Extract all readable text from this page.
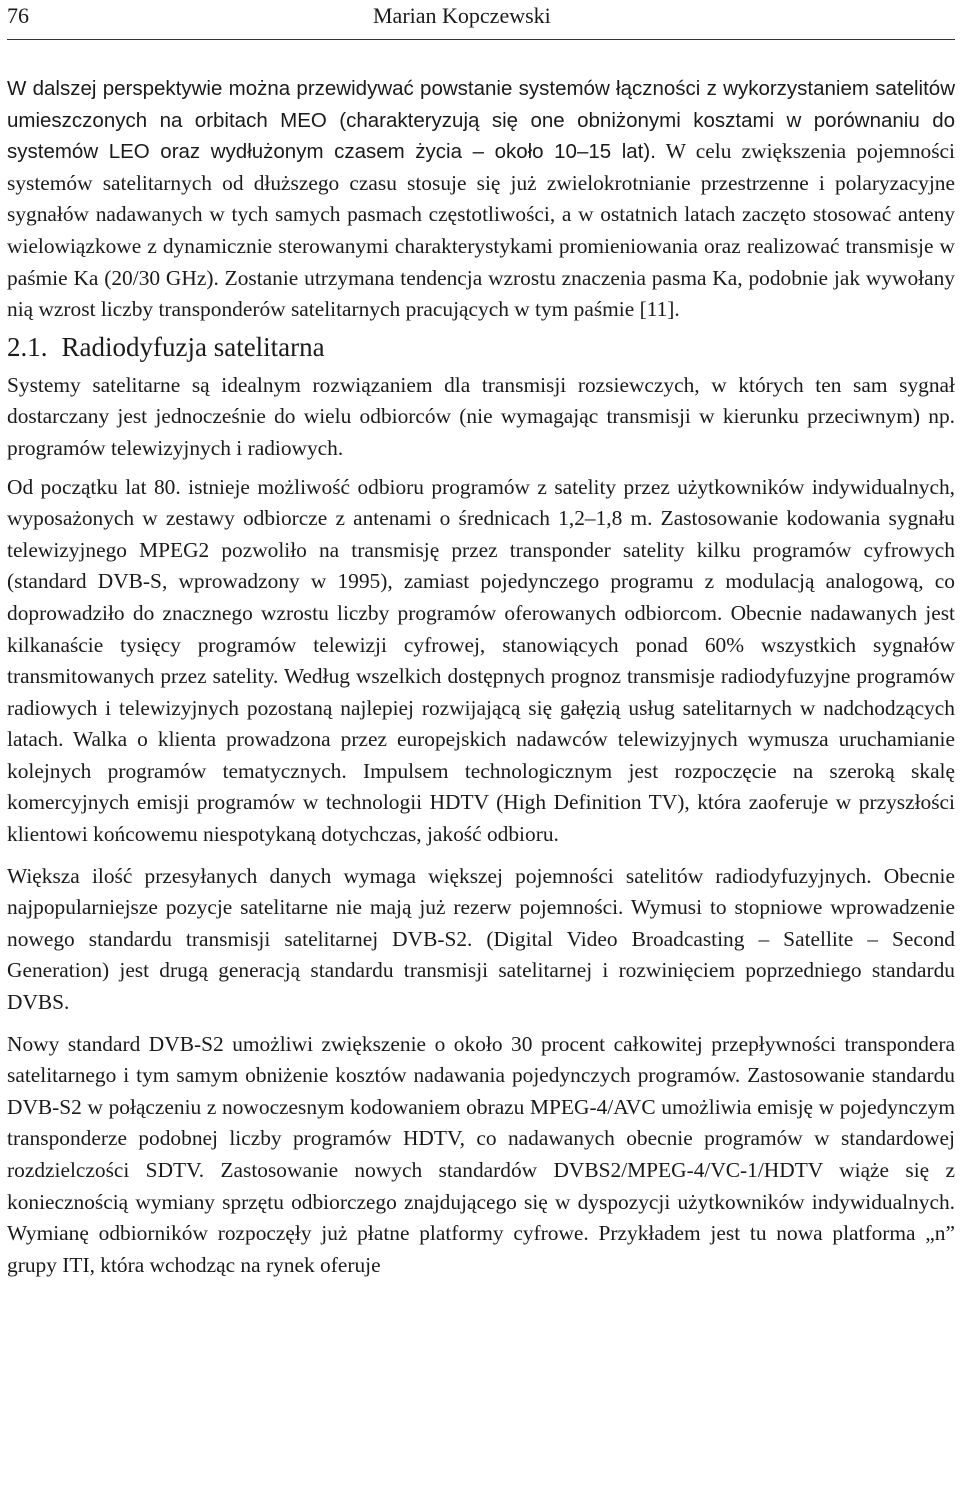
76	Marian Kopczewski

W dalszej perspektywie można przewidywać powstanie systemów łączności z wykorzystaniem satelitów umieszczonych na orbitach MEO (charakteryzują się one obniżonymi kosztami w porównaniu do systemów LEO oraz wydłużonym czasem życia – około 10–15 lat). W celu zwiększenia pojemności systemów satelitarnych od dłuższego czasu stosuje się już zwielokrotnianie przestrzenne i polaryzacyjne sygnałów nadawanych w tych samych pasmach częstotliwości, a w ostatnich latach zaczęto stosować anteny wielowiązkowe z dynamicznie sterowanymi charakterystykami promieniowania oraz realizować transmisje w paśmie Ka (20/30 GHz). Zostanie utrzymana tendencja wzrostu znaczenia pasma Ka, podobnie jak wywołany nią wzrost liczby transponderów satelitarnych pracujących w tym paśmie [11].

2.1. Radiodyfuzja satelitarna

Systemy satelitarne są idealnym rozwiązaniem dla transmisji rozsiewczych, w których ten sam sygnał dostarczany jest jednocześnie do wielu odbiorców (nie wymagając transmisji w kierunku przeciwnym) np. programów telewizyjnych i radiowych.

Od początku lat 80. istnieje możliwość odbioru programów z satelity przez użytkowników indywidualnych, wyposażonych w zestawy odbiorcze z antenami o średnicach 1,2–1,8 m. Zastosowanie kodowania sygnału telewizyjnego MPEG2 pozwoliło na transmisję przez transponder satelity kilku programów cyfrowych (standard DVB-S, wprowadzony w 1995), zamiast pojedynczego programu z modulacją analogową, co doprowadziło do znacznego wzrostu liczby programów oferowanych odbiorcom. Obecnie nadawanych jest kilkanaście tysięcy programów telewizji cyfrowej, stanowiących ponad 60% wszystkich sygnałów transmitowanych przez satelity. Według wszelkich dostępnych prognoz transmisje radiodyfuzyjne programów radiowych i telewizyjnych pozostaną najlepiej rozwijającą się gałęzią usług satelitarnych w nadchodzących latach. Walka o klienta prowadzona przez europejskich nadawców telewizyjnych wymusza uruchamianie kolejnych programów tematycznych. Impulsem technologicznym jest rozpoczęcie na szeroką skalę komercyjnych emisji programów w technologii HDTV (High Definition TV), która zaoferuje w przyszłości klientowi końcowemu niespotykaną dotychczas, jakość odbioru.

Większa ilość przesyłanych danych wymaga większej pojemności satelitów radiodyfuzyjnych. Obecnie najpopularniejsze pozycje satelitarne nie mają już rezerw pojemności. Wymusi to stopniowe wprowadzenie nowego standardu transmisji satelitarnej DVB-S2. (Digital Video Broadcasting – Satellite – Second Generation) jest drugą generacją standardu transmisji satelitarnej i rozwinięciem poprzedniego standardu DVBS.

Nowy standard DVB-S2 umożliwi zwiększenie o około 30 procent całkowitej przepływności transpondera satelitarnego i tym samym obniżenie kosztów nadawania pojedynczych programów. Zastosowanie standardu DVB-S2 w połączeniu z nowoczesnym kodowaniem obrazu MPEG-4/AVC umożliwia emisję w pojedynczym transponderze podobnej liczby programów HDTV, co nadawanych obecnie programów w standardowej rozdzielczości SDTV. Zastosowanie nowych standardów DVBS2/MPEG-4/VC-1/HDTV wiąże się z koniecznością wymiany sprzętu odbiorczego znajdującego się w dyspozycji użytkowników indywidualnych. Wymianę odbiorników rozpoczęły już płatne platformy cyfrowe. Przykładem jest tu nowa platforma „n” grupy ITI, która wchodząc na rynek oferuje
